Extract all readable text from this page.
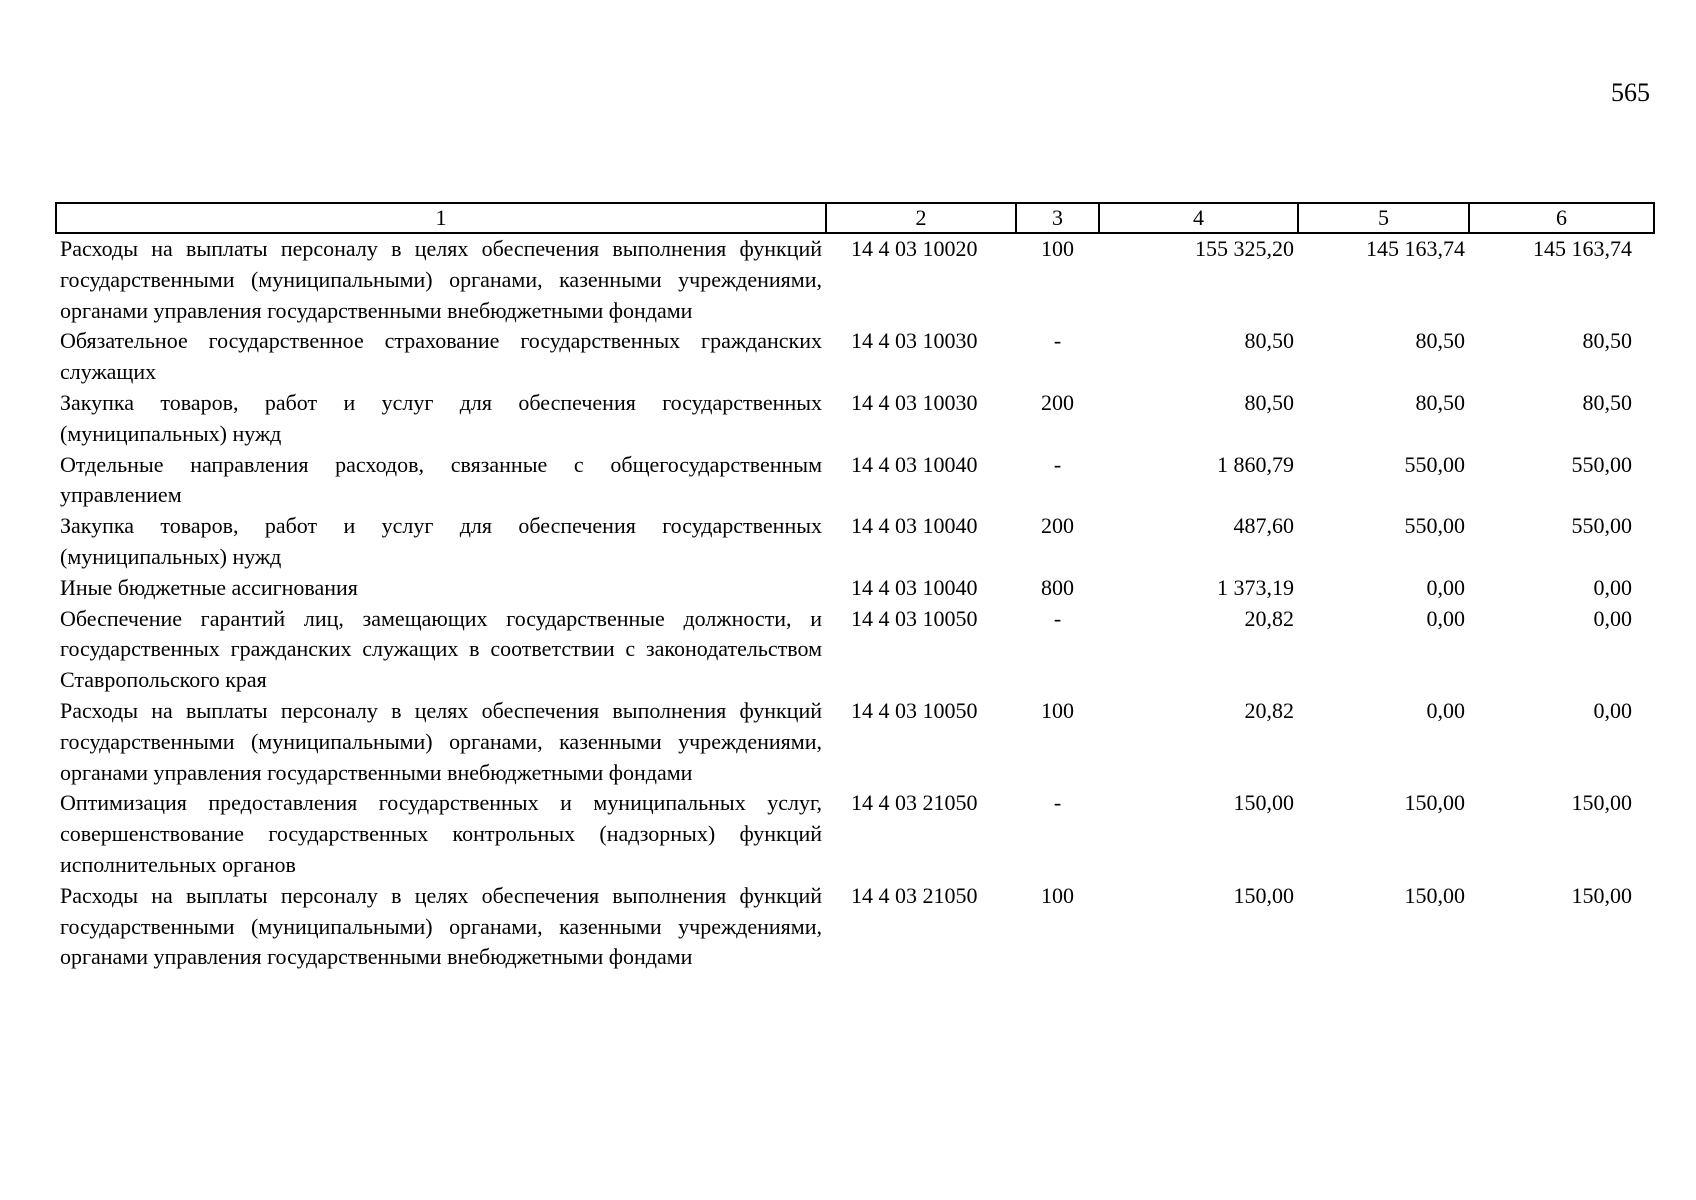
565
1	2	3	4	5	6
Расходы на выплаты персоналу в целях обеспечения выполнения функций государственными (муниципальными) органами, казенными учреждениями, органами управления государственными внебюджетными фондами	14 4 03 10020	100	155 325,20	145 163,74	145 163,74
Обязательное государственное страхование государственных гражданских служащих	14 4 03 10030	-	80,50	80,50	80,50
Закупка товаров, работ и услуг для обеспечения государственных (муниципальных) нужд	14 4 03 10030	200	80,50	80,50	80,50
Отдельные направления расходов, связанные с общегосударственным управлением	14 4 03 10040	-	1 860,79	550,00	550,00
Закупка товаров, работ и услуг для обеспечения государственных (муниципальных) нужд	14 4 03 10040	200	487,60	550,00	550,00
Иные бюджетные ассигнования	14 4 03 10040	800	1 373,19	0,00	0,00
Обеспечение гарантий лиц, замещающих государственные должности, и государственных гражданских служащих в соответствии с законодательством Ставропольского края	14 4 03 10050	-	20,82	0,00	0,00
Расходы на выплаты персоналу в целях обеспечения выполнения функций государственными (муниципальными) органами, казенными учреждениями, органами управления государственными внебюджетными фондами	14 4 03 10050	100	20,82	0,00	0,00
Оптимизация предоставления государственных и муниципальных услуг, совершенствование государственных контрольных (надзорных) функций исполнительных органов	14 4 03 21050	-	150,00	150,00	150,00
Расходы на выплаты персоналу в целях обеспечения выполнения функций государственными (муниципальными) органами, казенными учреждениями, органами управления государственными внебюджетными фондами	14 4 03 21050	100	150,00	150,00	150,00
